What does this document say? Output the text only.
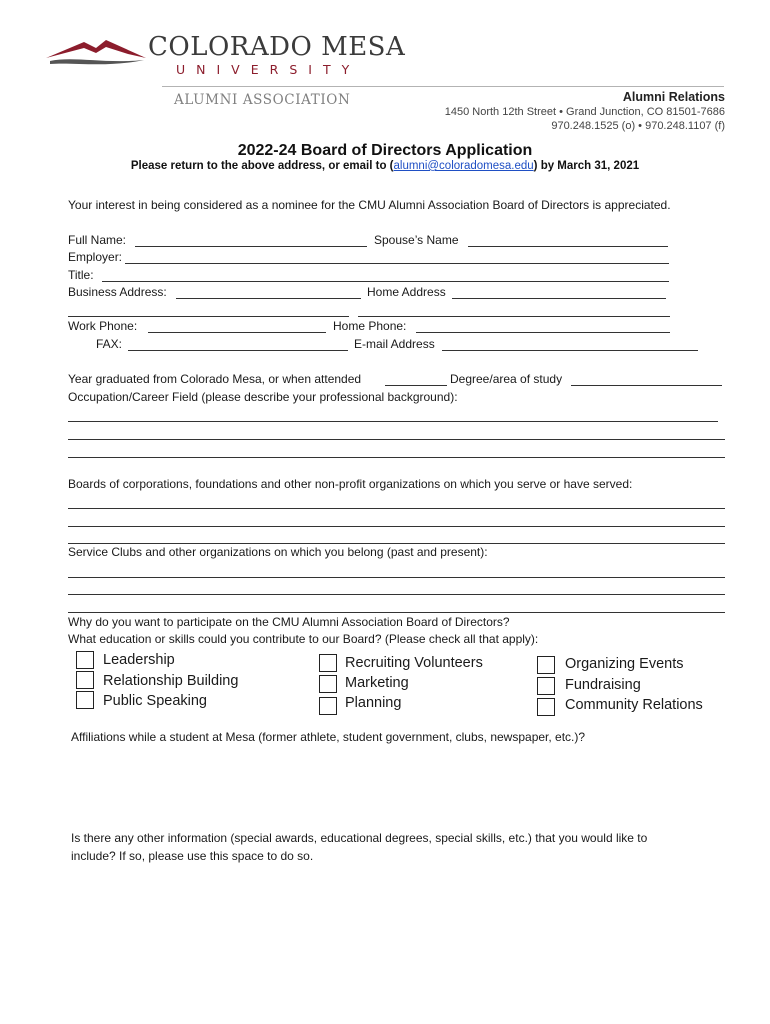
COLORADO MESA
UNIVERSITY
ALUMNI ASSOCIATION	Alumni Relations
1450 North 12th Street • Grand Junction, CO 81501-7686
970.248.1525 (o) • 970.248.1107 (f)
2022-24 Board of Directors Application
Please return to the above address, or email to (alumni@coloradomesa.edu) by March 31, 2021
Your interest in being considered as a nominee for the CMU Alumni Association Board of Directors is appreciated.
Full Name:	Spouse’s Name
Employer:
Title:
Business Address:	Home Address
Work Phone:	Home Phone:
FAX:	E-mail Address
Year graduated from Colorado Mesa, or when attended	Degree/area of study
Occupation/Career Field (please describe your professional background):
Boards of corporations, foundations and other non-profit organizations on which you serve or have served:
Service Clubs and other organizations on which you belong (past and present):
Why do you want to participate on the CMU Alumni Association Board of Directors?
What education or skills could you contribute to our Board? (Please check all that apply):
Leadership
Relationship Building
Public Speaking
Recruiting Volunteers
Marketing
Planning
Organizing Events
Fundraising
Community Relations
Affiliations while a student at Mesa (former athlete, student government, clubs, newspaper, etc.)?
Is there any other information (special awards, educational degrees, special skills, etc.) that you would like to
include? If so, please use this space to do so.
